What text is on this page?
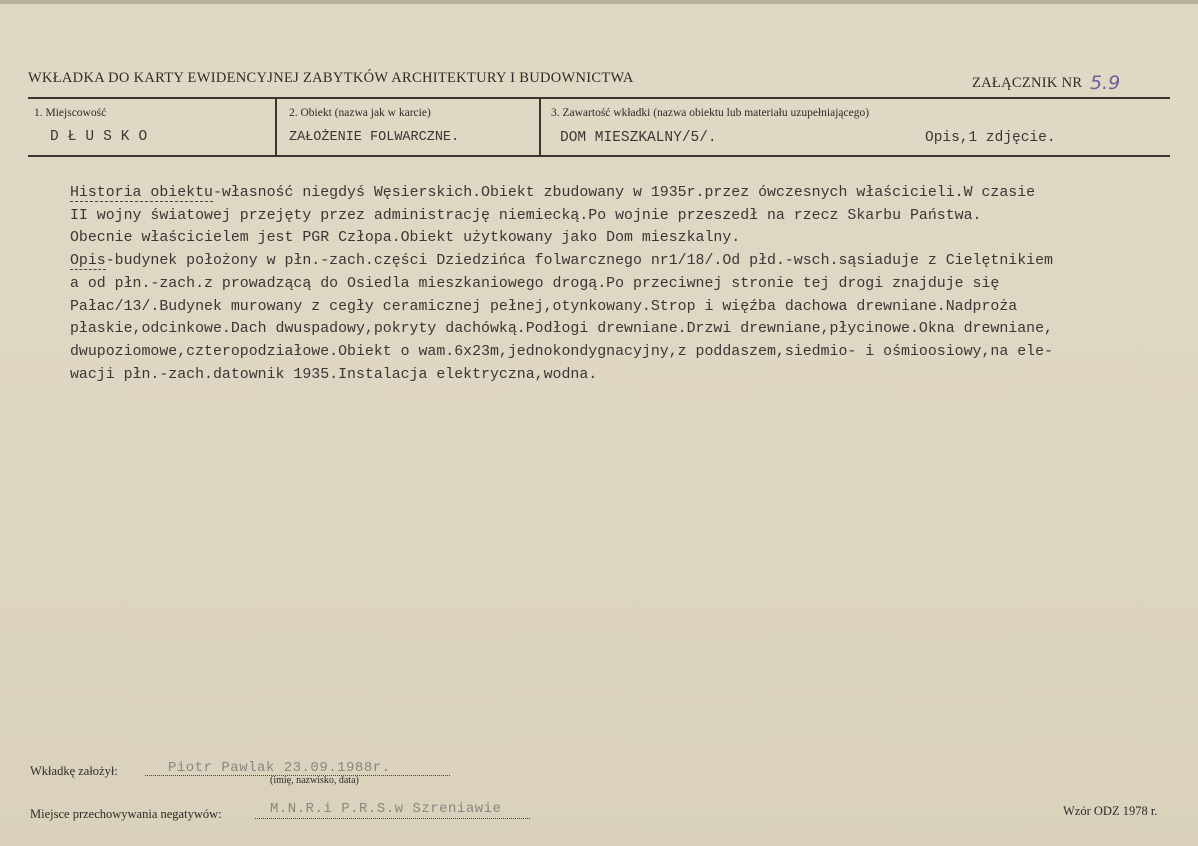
WKŁADKA DO KARTY EWIDENCYJNEJ ZABYTKÓW ARCHITEKTURY I BUDOWNICTWA	ZAŁĄCZNIK NR 5.9
1. Miejscowość
DŁUSKO
2. Obiekt (nazwa jak w karcie)
ZAŁOŻENIE FOLWARCZNE.
3. Zawartość wkładki (nazwa obiektu lub materiału uzupełniającego)
DOM MIESZKALNY/5/.	Opis,1 zdjęcie.
Historia obiektu-własność niegdyś Węsierskich.Obiekt zbudowany w 1935r.przez ówczesnych właścicieli.W czasie
II wojny światowej przejęty przez administrację niemiecką.Po wojnie przeszedł na rzecz Skarbu Państwa.
Obecnie właścicielem jest PGR Człopa.Obiekt użytkowany jako Dom mieszkalny.
Opis-budynek położony w płn.-zach.części Dziedzińca folwarcznego nr1/18/.Od płd.-wsch.sąsiaduje z Cielętnikiem
a od płn.-zach.z prowadzącą do Osiedla mieszkaniowego drogą.Po przeciwnej stronie tej drogi znajduje się
Pałac/13/.Budynek murowany z cegły ceramicznej pełnej,otynkowany.Strop i więźba dachowa drewniane.Nadproża
płaskie,odcinkowe.Dach dwuspadowy,pokryty dachówką.Podłogi drewniane.Drzwi drewniane,płycinowe.Okna drewniane,
dwupoziomowe,czteropodziałowe.Obiekt o wam.6x23m,jednokondygnacyjny,z poddaszem,siedmio- i ośmioosiowy,na ele-
wacji płn.-zach.datownik 1935.Instalacja elektryczna,wodna.
Wkładkę założył:	Piotr Pawlak 23.09.1988r.
(imię, nazwisko, data)
Miejsce przechowywania negatywów:	M.N.R.i P.R.S.w Szreniawie	Wzór ODZ 1978 r.
